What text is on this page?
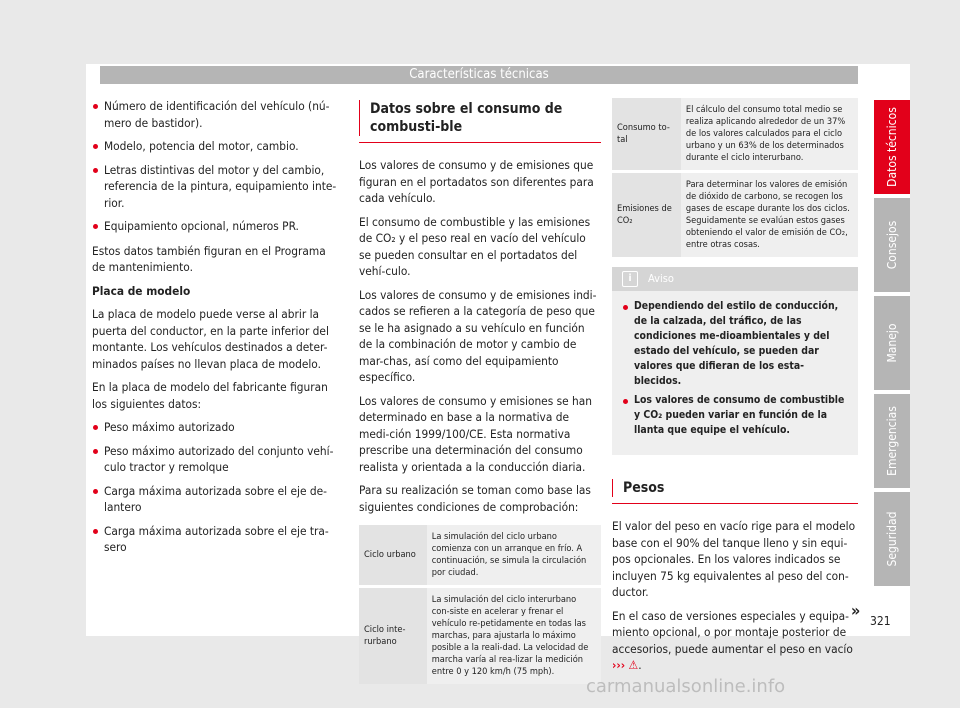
Características técnicas

Número de identificación del vehículo (nú-mero de bastidor).

Modelo, potencia del motor, cambio.

Letras distintivas del motor y del cambio, referencia de la pintura, equipamiento inte-rior.

Equipamiento opcional, números PR.

Estos datos también figuran en el Programa de mantenimiento.

Placa de modelo

La placa de modelo puede verse al abrir la puerta del conductor, en la parte inferior del montante. Los vehículos destinados a deter-minados países no llevan placa de modelo.

En la placa de modelo del fabricante figuran los siguientes datos:

Peso máximo autorizado

Peso máximo autorizado del conjunto vehí-culo tractor y remolque

Carga máxima autorizada sobre el eje de-lantero

Carga máxima autorizada sobre el eje tra-sero

Datos sobre el consumo de combusti-ble

Los valores de consumo y de emisiones que figuran en el portadatos son diferentes para cada vehículo.

El consumo de combustible y las emisiones de CO₂ y el peso real en vacío del vehículo se pueden consultar en el portadatos del vehí-culo.

Los valores de consumo y de emisiones indi-cados se refieren a la categoría de peso que se le ha asignado a su vehículo en función de la combinación de motor y cambio de mar-chas, así como del equipamiento específico.

Los valores de consumo y emisiones se han determinado en base a la normativa de medi-ción 1999/100/CE. Esta normativa prescribe una determinación del consumo realista y orientada a la conducción diaria.

Para su realización se toman como base las siguientes condiciones de comprobación:

Ciclo urbano	La simulación del ciclo urbano comienza con un arranque en frío. A continuación, se simula la circulación por ciudad.
Ciclo inte-rurbano	La simulación del ciclo interurbano con-siste en acelerar y frenar el vehículo re-petidamente en todas las marchas, para ajustarla lo máximo posible a la reali-dad. La velocidad de marcha varía al rea-lizar la medición entre 0 y 120 km/h (75 mph).
Consumo to-tal	El cálculo del consumo total medio se realiza aplicando alrededor de un 37% de los valores calculados para el ciclo urbano y un 63% de los determinados durante el ciclo interurbano.
Emisiones de CO₂	Para determinar los valores de emisión de dióxido de carbono, se recogen los gases de escape durante los dos ciclos. Seguidamente se evalúan estos gases obteniendo el valor de emisión de CO₂, entre otras cosas.
i	Aviso

Dependiendo del estilo de conducción, de la calzada, del tráfico, de las condiciones me-dioambientales y del estado del vehículo, se pueden dar valores que difieran de los esta-blecidos.

Los valores de consumo de combustible y CO₂ pueden variar en función de la llanta que equipe el vehículo.

Pesos

El valor del peso en vacío rige para el modelo base con el 90% del tanque lleno y sin equi-pos opcionales. En los valores indicados se incluyen 75 kg equivalentes al peso del con-ductor.

En el caso de versiones especiales y equipa-miento opcional, o por montaje posterior de accesorios, puede aumentar el peso en vacío
››› ⚠.

»
321
Datos técnicos
Consejos
Manejo
Emergencias
Seguridad
carmanualsonline.info
